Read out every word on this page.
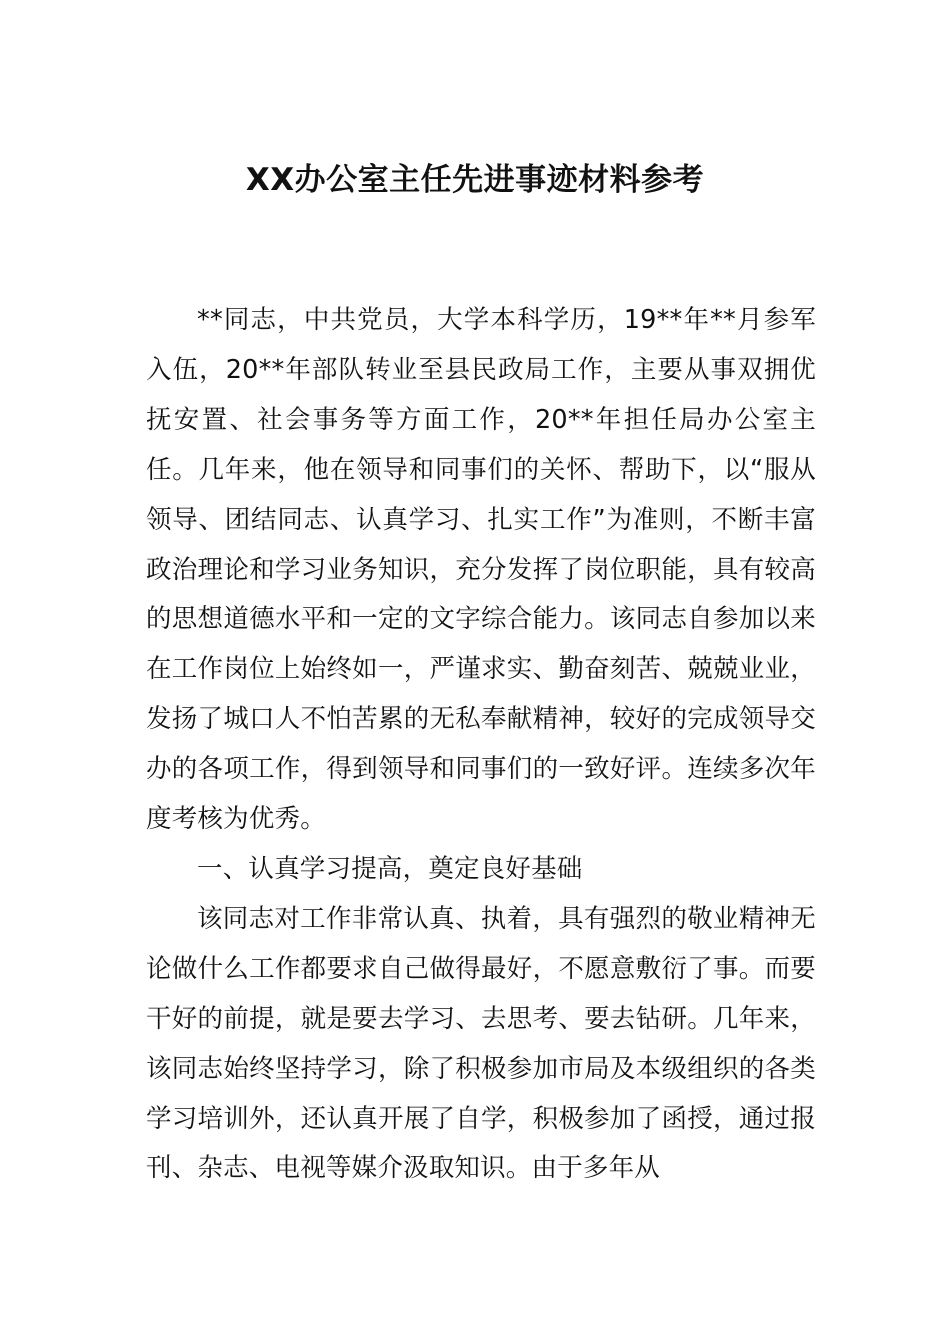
XX办公室主任先进事迹材料参考

**同志，中共党员，大学本科学历，19**年**月参军入伍，20**年部队转业至县民政局工作，主要从事双拥优抚安置、社会事务等方面工作，20**年担任局办公室主任。几年来，他在领导和同事们的关怀、帮助下，以“服从领导、团结同志、认真学习、扎实工作”为准则，不断丰富政治理论和学习业务知识，充分发挥了岗位职能，具有较高的思想道德水平和一定的文字综合能力。该同志自参加以来在工作岗位上始终如一，严谨求实、勤奋刻苦、兢兢业业，发扬了城口人不怕苦累的无私奉献精神，较好的完成领导交办的各项工作，得到领导和同事们的一致好评。连续多次年度考核为优秀。

一、认真学习提高，奠定良好基础

该同志对工作非常认真、执着，具有强烈的敬业精神无论做什么工作都要求自己做得最好，不愿意敷衍了事。而要干好的前提，就是要去学习、去思考、要去钻研。几年来，该同志始终坚持学习，除了积极参加市局及本级组织的各类学习培训外，还认真开展了自学，积极参加了函授，通过报刊、杂志、电视等媒介汲取知识。由于多年从
